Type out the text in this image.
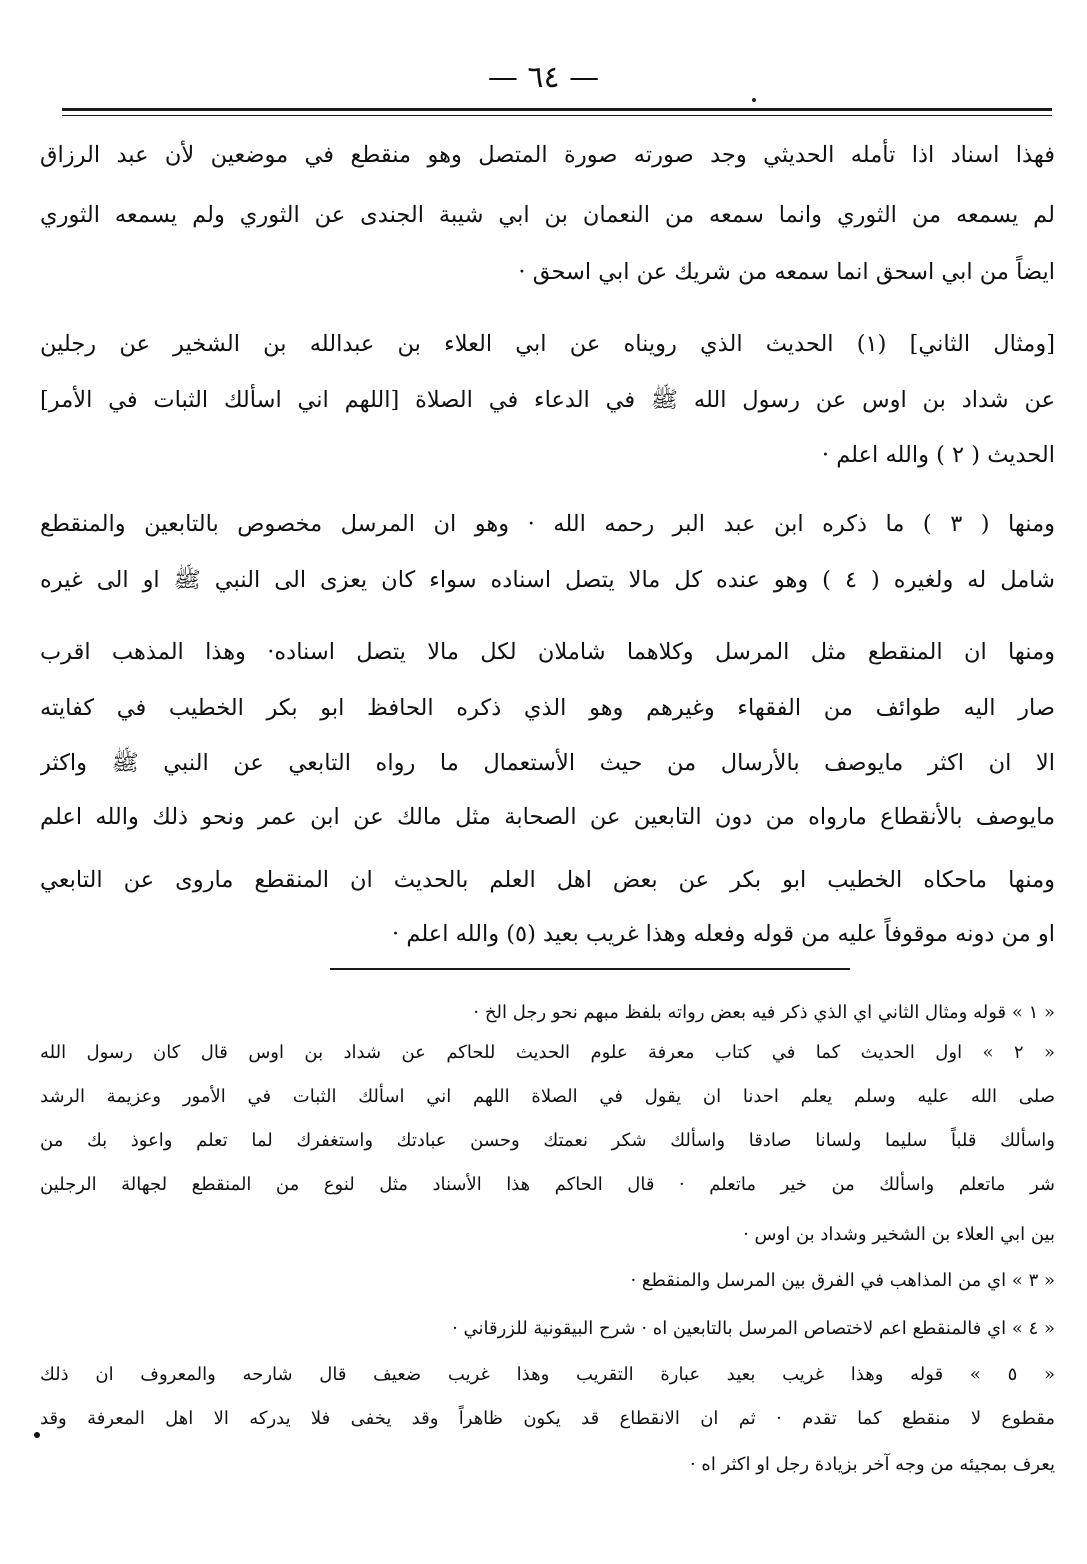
— ٦٤ —
فهذا اسناد اذا تأمله الحديثي وجد صورته صورة المتصل وهو منقطع في موضعين لأن عبد الرزاق
لم يسمعه من الثوري وانما سمعه من النعمان بن ابي شيبة الجندى عن الثوري ولم يسمعه الثوري
ايضاً من ابي اسحق انما سمعه من شريك عن ابي اسحق ·
[ومثال الثاني] (١) الحديث الذي رويناه عن ابي العلاء بن عبدالله بن الشخير عن رجلين
عن شداد بن اوس عن رسول الله ﷺ في الدعاء في الصلاة [اللهم اني اسألك الثبات في الأمر]
الحديث ( ٢ ) والله اعلم ·
ومنها ( ٣ ) ما ذكره ابن عبد البر رحمه الله · وهو ان المرسل مخصوص بالتابعين والمنقطع
شامل له ولغيره ( ٤ ) وهو عنده كل مالا يتصل اسناده سواء كان يعزى الى النبي ﷺ او الى غيره
ومنها ان المنقطع مثل المرسل وكلاهما شاملان لكل مالا يتصل اسناده· وهذا المذهب اقرب
صار اليه طوائف من الفقهاء وغيرهم وهو الذي ذكره الحافظ ابو بكر الخطيب في كفايته
الا ان اكثر مايوصف بالأرسال من حيث الأستعمال ما رواه التابعي عن النبي ﷺ واكثر
مايوصف بالأنقطاع مارواه من دون التابعين عن الصحابة مثل مالك عن ابن عمر ونحو ذلك والله اعلم
ومنها ماحكاه الخطيب ابو بكر عن بعض اهل العلم بالحديث ان المنقطع ماروى عن التابعي
او من دونه موقوفاً عليه من قوله وفعله وهذا غريب بعيد (٥) والله اعلم ·
« ١ » قوله ومثال الثاني اي الذي ذكر فيه بعض رواته بلفظ مبهم نحو رجل الخ ·
« ٢ » اول الحديث كما في كتاب معرفة علوم الحديث للحاكم عن شداد بن اوس قال كان رسول الله
صلى الله عليه وسلم يعلم احدنا ان يقول في الصلاة اللهم اني اسألك الثبات في الأمور وعزيمة الرشد
واسألك قلباً سليما ولسانا صادقا واسألك شكر نعمتك وحسن عبادتك واستغفرك لما تعلم واعوذ بك من
شر ماتعلم واسألك من خير ماتعلم · قال الحاكم هذا الأسناد مثل لنوع من المنقطع لجهالة الرجلين
بين ابي العلاء بن الشخير وشداد بن اوس ·
« ٣ » اي من المذاهب في الفرق بين المرسل والمنقطع ·
« ٤ » اي فالمنقطع اعم لاختصاص المرسل بالتابعين اه · شرح البيقونية للزرقاني ·
« ٥ » قوله وهذا غريب بعيد عبارة التقريب وهذا غريب ضعيف قال شارحه والمعروف ان ذلك
مقطوع لا منقطع كما تقدم · ثم ان الانقطاع قد يكون ظاهراً وقد يخفى فلا يدركه الا اهل المعرفة وقد
يعرف بمجيئه من وجه آخر بزيادة رجل او اكثر اه ·
